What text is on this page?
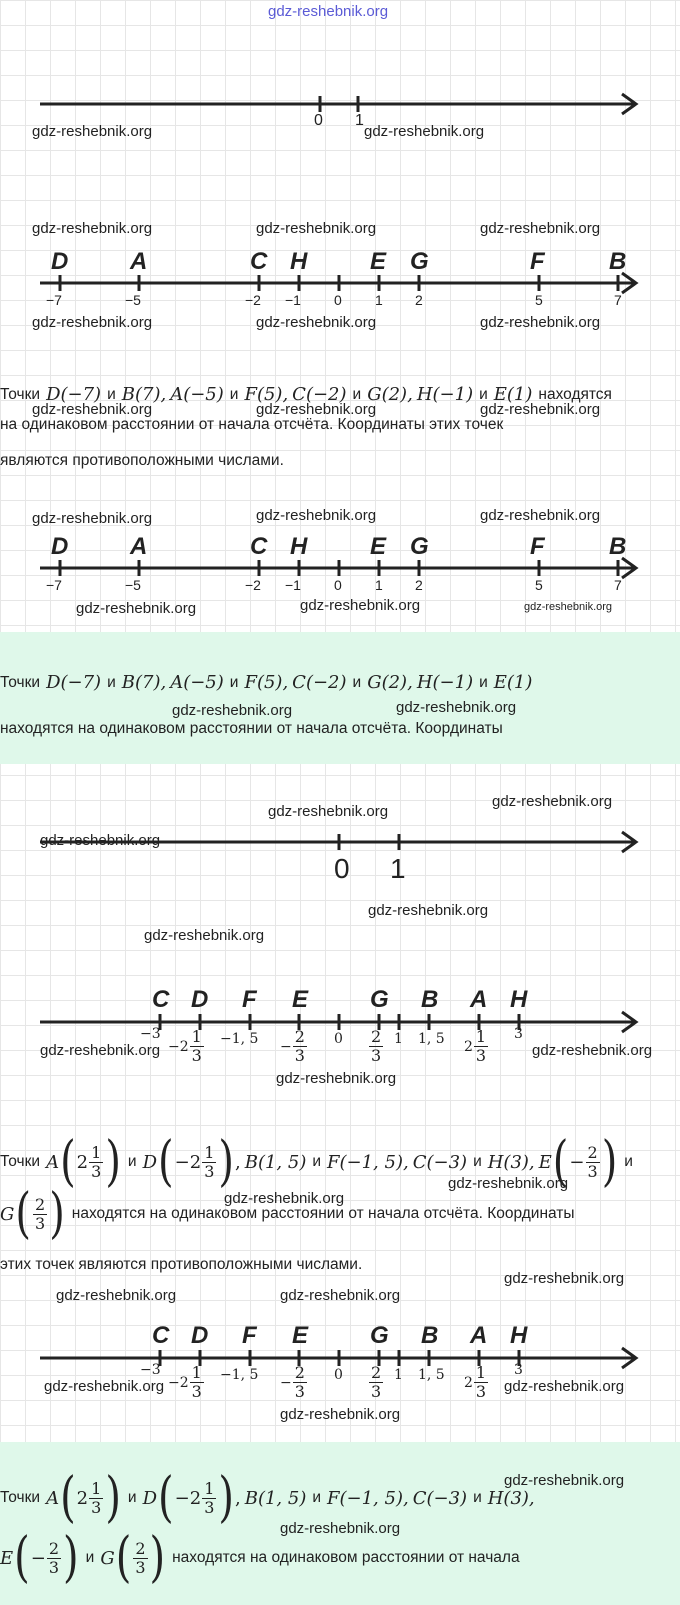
gdz-reshebnik.org
0 1
gdz-reshebnik.org	gdz-reshebnik.org
gdz-reshebnik.org	gdz-reshebnik.org	gdz-reshebnik.org
D	A	C H	E G	F	B
−7	−5	−2 −1 0 1 2	5	7
gdz-reshebnik.org	gdz-reshebnik.org	gdz-reshebnik.org
Точки D(−7) и B(7), A(−5) и F(5), C(−2) и G(2), H(−1) и E(1) находятся
на одинаковом расстоянии от начала отсчёта. Координаты этих точек
являются противоположными числами.
gdz-reshebnik.org	gdz-reshebnik.org	gdz-reshebnik.org
gdz-reshebnik.org	gdz-reshebnik.org	gdz-reshebnik.org
D	A	C H	E G	F	B
−7	−5	−2 −1 0 1 2	5	7
gdz-reshebnik.org	gdz-reshebnik.org	gdz-reshebnik.org
Точки D(−7) и B(7), A(−5) и F(5), C(−2) и G(2), H(−1) и E(1)
находятся на одинаковом расстоянии от начала отсчёта. Координаты
gdz-reshebnik.org	gdz-reshebnik.org
gdz-reshebnik.org
gdz-reshebnik.org
gdz-reshebnik.org
0 1
gdz-reshebnik.org
gdz-reshebnik.org
C D F E	G B A H
−3
$-2 \frac{1}{3} -1$, $5 - \frac{2}{3} 0 \frac{2}{3} 1$ 1, 5 $2 \frac{1}{3} 3$
gdz-reshebnik.org	gdz-reshebnik.org
gdz-reshebnik.org
Точки A ( $2 \frac{1}{3}$ ) и D ( $-2 \frac{1}{3}$ ) , B(1, 5) и F(−1, 5), C(−3) и H(3), E ( − $\frac{2}{3}$ ) и
G ( $\frac{2}{3}$ ) находятся на одинаковом расстоянии от начала отсчёта. Координаты
этих точек являются противоположными числами.
gdz-reshebnik.org
gdz-reshebnik.org
gdz-reshebnik.org
gdz-reshebnik.org	gdz-reshebnik.org
C D F E	G B A H
−3
$-2 \frac{1}{3} -1$, $5 - \frac{2}{3} 0 \frac{2}{3} 1$ 1, 5 $2 \frac{1}{3} 3$
gdz-reshebnik.org	gdz-reshebnik.org
gdz-reshebnik.org
gdz-reshebnik.org
Точки A ( $2 \frac{1}{3}$ ) и D ( $-2 \frac{1}{3}$ ) , B(1, 5) и F(−1, 5), C(−3) и H(3),
E ( − $\frac{2}{3}$ ) и G ( $\frac{2}{3}$ ) находятся на одинаковом расстоянии от начала
gdz-reshebnik.org
